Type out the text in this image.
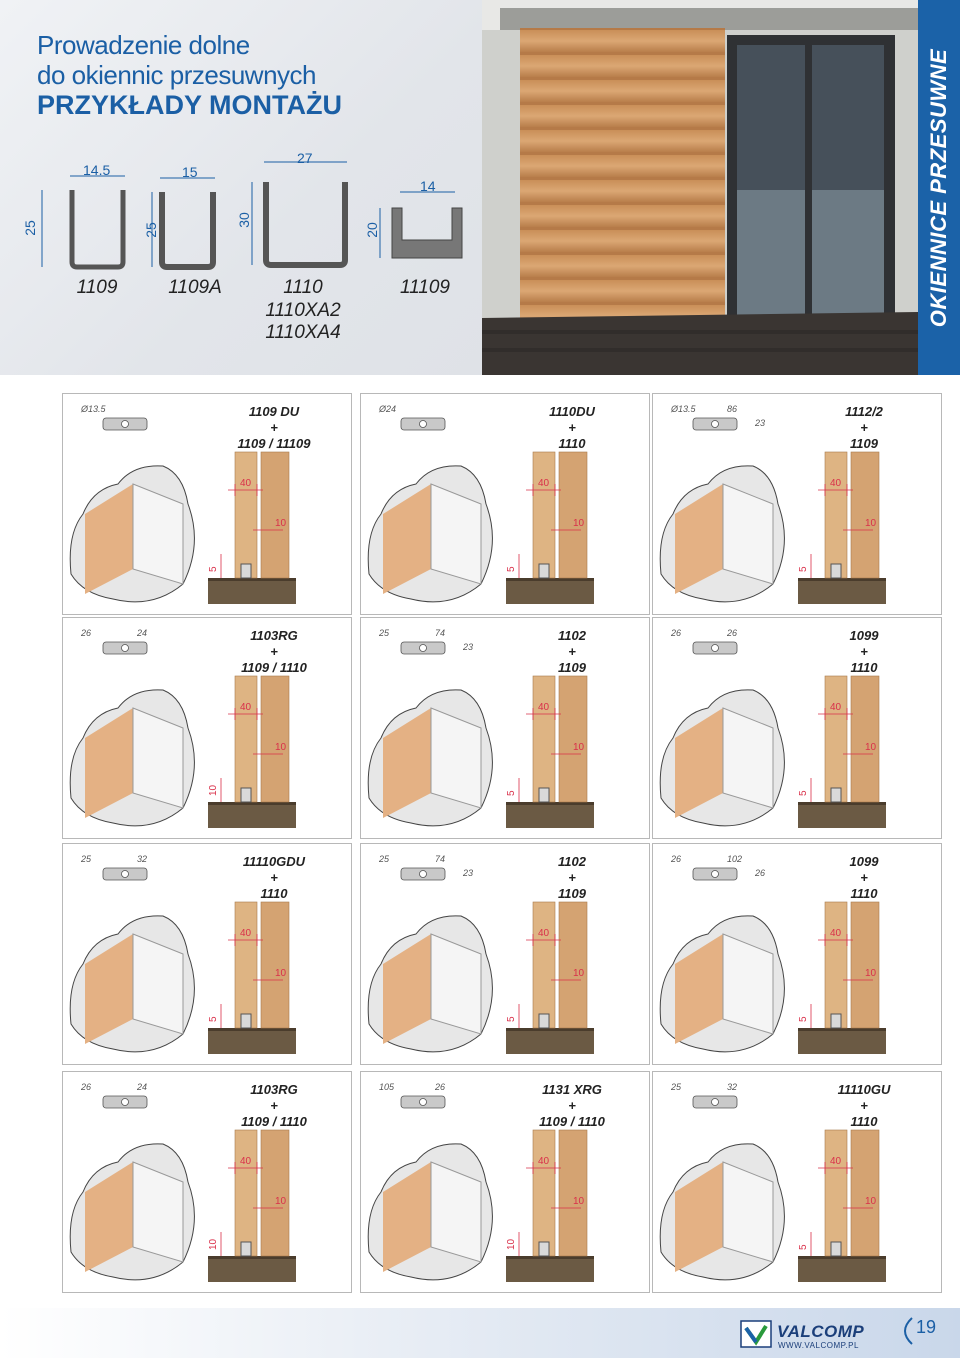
Prowadzenie dolne
do okiennic przesuwnych
PRZYKŁADY MONTAŻU
14.5
25
1109
15
25
1109A
27
30
1110
1110XA2
1110XA4
14
20
11109	OKIENNICE PRZESUWNE
40
10
5
Ø13.5	1109 DU
+
1109 / 11109
40
10
5
Ø24	1110DU
+
1110
40
10
5
Ø13.5	86
23
1112/2
+
1109
40
10
10
26	24	1103RG
+
1109 / 1110
40
10
5
25	74
23
1102
+
1109
40
10
5
26	26	1099
+
1110
40
10
5
25	32	11110GDU
+
1110
40
10
5
25	74
23
1102
+
1109
40
10
5
26	102
26
1099
+
1110
40
10
10
26	24	1103RG
+
1109 / 1110
40
10
10
105	26	1131 XRG
+
1109 / 1110
40
10
5
25	32	11110GU
+
1110
VALCOMP
WWW.VALCOMP.PL
19
